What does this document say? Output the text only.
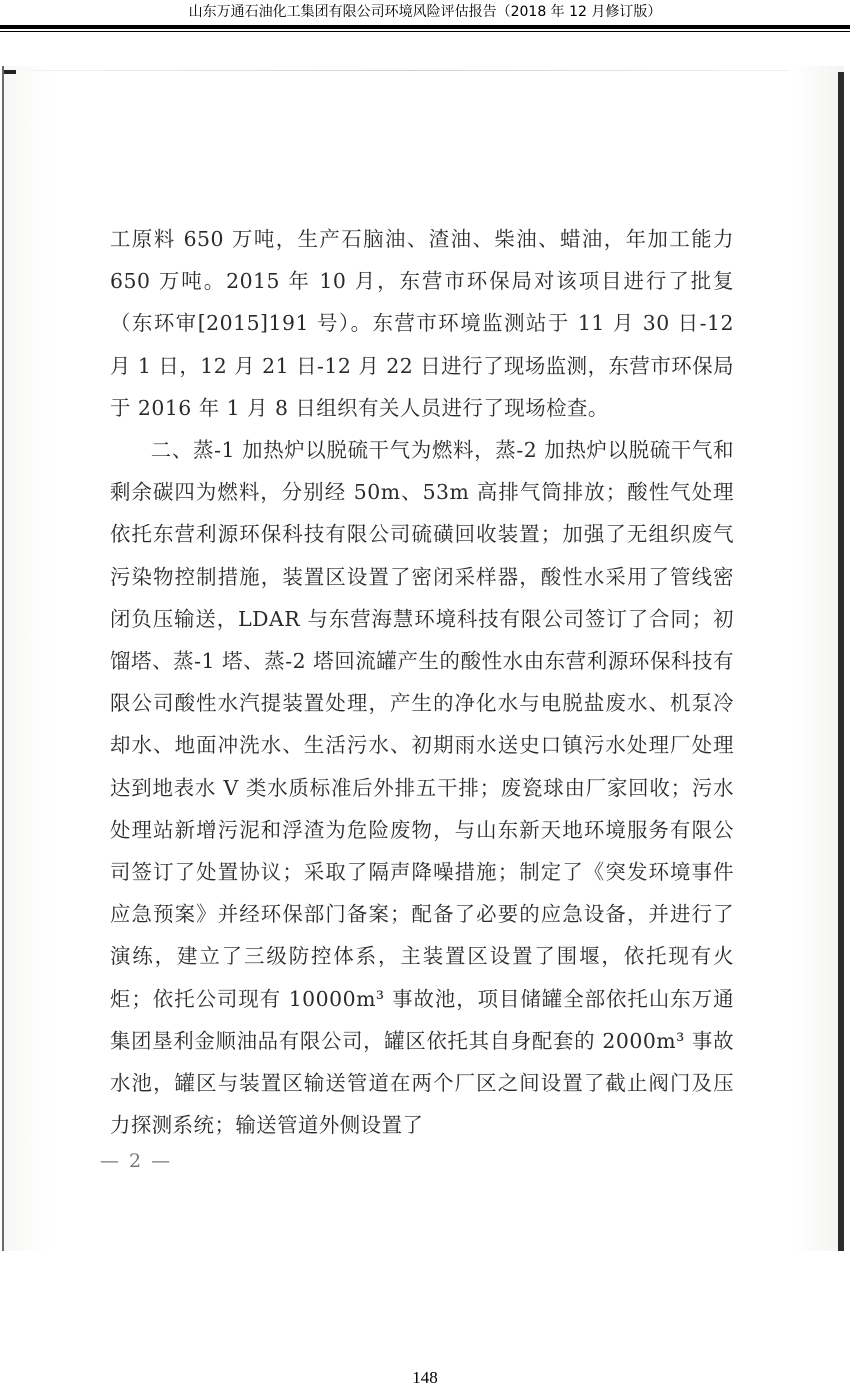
山东万通石油化工集团有限公司环境风险评估报告（2018 年 12 月修订版）

工原料 650 万吨，生产石脑油、渣油、柴油、蜡油，年加工能力 650 万吨。2015 年 10 月，东营市环保局对该项目进行了批复（东环审[2015]191 号）。东营市环境监测站于 11 月 30 日-12 月 1 日，12 月 21 日-12 月 22 日进行了现场监测，东营市环保局于 2016 年 1 月 8 日组织有关人员进行了现场检查。

二、蒸-1 加热炉以脱硫干气为燃料，蒸-2 加热炉以脱硫干气和剩余碳四为燃料，分别经 50m、53m 高排气筒排放；酸性气处理依托东营利源环保科技有限公司硫磺回收装置；加强了无组织废气污染物控制措施，装置区设置了密闭采样器，酸性水采用了管线密闭负压输送，LDAR 与东营海慧环境科技有限公司签订了合同；初馏塔、蒸-1 塔、蒸-2 塔回流罐产生的酸性水由东营利源环保科技有限公司酸性水汽提装置处理，产生的净化水与电脱盐废水、机泵冷却水、地面冲洗水、生活污水、初期雨水送史口镇污水处理厂处理达到地表水 V 类水质标准后外排五干排；废瓷球由厂家回收；污水处理站新增污泥和浮渣为危险废物，与山东新天地环境服务有限公司签订了处置协议；采取了隔声降噪措施；制定了《突发环境事件应急预案》并经环保部门备案；配备了必要的应急设备，并进行了演练，建立了三级防控体系，主装置区设置了围堰，依托现有火炬；依托公司现有 10000m³ 事故池，项目储罐全部依托山东万通集团垦利金顺油品有限公司，罐区依托其自身配套的 2000m³ 事故水池，罐区与装置区输送管道在两个厂区之间设置了截止阀门及压力探测系统；输送管道外侧设置了

— 2 —
148
